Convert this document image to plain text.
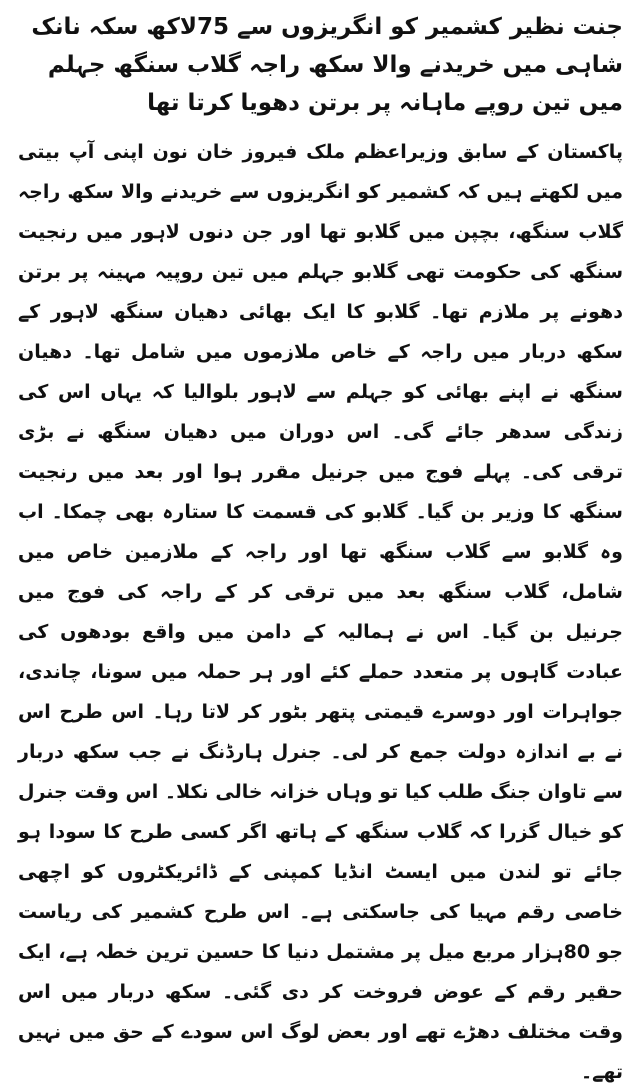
جنت نظیر کشمیر کو انگریزوں سے 75لاکھ سکہ نانک شاہی میں خریدنے والا سکھ راجہ گلاب سنگھ جہلم میں تین روپے ماہانہ پر برتن دھویا کرتا تھا

پاکستان کے سابق وزیراعظم ملک فیروز خان نون اپنی آپ بیتی میں لکھتے ہیں کہ کشمیر کو انگریزوں سے خریدنے والا سکھ راجہ گلاب سنگھ، بچپن میں گلابو تھا اور جن دنوں لاہور میں رنجیت سنگھ کی حکومت تھی گلابو جہلم میں تین روپیہ مہینہ پر برتن دھونے پر ملازم تھا۔ گلابو کا ایک بھائی دھیان سنگھ لاہور کے سکھ دربار میں راجہ کے خاص ملازموں میں شامل تھا۔ دھیان سنگھ نے اپنے بھائی کو جہلم سے لاہور بلوالیا کہ یہاں اس کی زندگی سدھر جائے گی۔ اس دوران میں دھیان سنگھ نے بڑی ترقی کی۔ پہلے فوج میں جرنیل مقرر ہوا اور بعد میں رنجیت سنگھ کا وزیر بن گیا۔ گلابو کی قسمت کا ستارہ بھی چمکا۔ اب وہ گلابو سے گلاب سنگھ تھا اور راجہ کے ملازمین خاص میں شامل، گلاب سنگھ بعد میں ترقی کر کے راجہ کی فوج میں جرنیل بن گیا۔ اس نے ہمالیہ کے دامن میں واقع بودھوں کی عبادت گاہوں پر متعدد حملے کئے اور ہر حملہ میں سونا، چاندی، جواہرات اور دوسرے قیمتی پتھر بٹور کر لاتا رہا۔ اس طرح اس نے بے اندازہ دولت جمع کر لی۔ جنرل ہارڈنگ نے جب سکھ دربار سے تاوان جنگ طلب کیا تو وہاں خزانہ خالی نکلا۔ اس وقت جنرل کو خیال گزرا کہ گلاب سنگھ کے ہاتھ اگر کسی طرح کا سودا ہو جائے تو لندن میں ایسٹ انڈیا کمپنی کے ڈائریکٹروں کو اچھی خاصی رقم مہیا کی جاسکتی ہے۔ اس طرح کشمیر کی ریاست جو 80ہزار مربع میل پر مشتمل دنیا کا حسین ترین خطہ ہے، ایک حقیر رقم کے عوض فروخت کر دی گئی۔ سکھ دربار میں اس وقت مختلف دھڑے تھے اور بعض لوگ اس سودے کے حق میں نہیں تھے۔
